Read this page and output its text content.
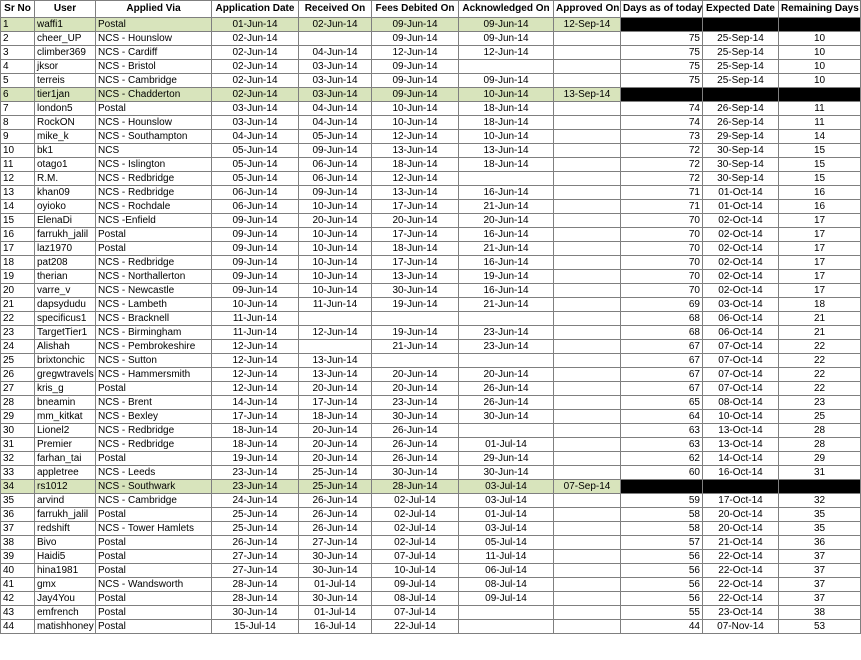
Sr No	User	Applied Via	Application Date	Received On	Fees Debited On	Acknowledged On	Approved On	Days as of today	Expected Date	Remaining Days
1	waffi1	Postal	01-Jun-14	02-Jun-14	09-Jun-14	09-Jun-14	12-Sep-14			
2	cheer_UP	NCS - Hounslow	02-Jun-14		09-Jun-14	09-Jun-14		75	25-Sep-14	10
3	climber369	NCS - Cardiff	02-Jun-14	04-Jun-14	12-Jun-14	12-Jun-14		75	25-Sep-14	10
4	jksor	NCS - Bristol	02-Jun-14	03-Jun-14	09-Jun-14			75	25-Sep-14	10
5	terreis	NCS - Cambridge	02-Jun-14	03-Jun-14	09-Jun-14	09-Jun-14		75	25-Sep-14	10
6	tier1jan	NCS - Chadderton	02-Jun-14	03-Jun-14	09-Jun-14	10-Jun-14	13-Sep-14			
7	london5	Postal	03-Jun-14	04-Jun-14	10-Jun-14	18-Jun-14		74	26-Sep-14	11
8	RockON	NCS - Hounslow	03-Jun-14	04-Jun-14	10-Jun-14	18-Jun-14		74	26-Sep-14	11
9	mike_k	NCS - Southampton	04-Jun-14	05-Jun-14	12-Jun-14	10-Jun-14		73	29-Sep-14	14
10	bk1	NCS	05-Jun-14	09-Jun-14	13-Jun-14	13-Jun-14		72	30-Sep-14	15
11	otago1	NCS - Islington	05-Jun-14	06-Jun-14	18-Jun-14	18-Jun-14		72	30-Sep-14	15
12	R.M.	NCS - Redbridge	05-Jun-14	06-Jun-14	12-Jun-14			72	30-Sep-14	15
13	khan09	NCS - Redbridge	06-Jun-14	09-Jun-14	13-Jun-14	16-Jun-14		71	01-Oct-14	16
14	oyioko	NCS - Rochdale	06-Jun-14	10-Jun-14	17-Jun-14	21-Jun-14		71	01-Oct-14	16
15	ElenaDi	NCS -Enfield	09-Jun-14	20-Jun-14	20-Jun-14	20-Jun-14		70	02-Oct-14	17
16	farrukh_jalil	Postal	09-Jun-14	10-Jun-14	17-Jun-14	16-Jun-14		70	02-Oct-14	17
17	laz1970	Postal	09-Jun-14	10-Jun-14	18-Jun-14	21-Jun-14		70	02-Oct-14	17
18	pat208	NCS - Redbridge	09-Jun-14	10-Jun-14	17-Jun-14	16-Jun-14		70	02-Oct-14	17
19	therian	NCS - Northallerton	09-Jun-14	10-Jun-14	13-Jun-14	19-Jun-14		70	02-Oct-14	17
20	varre_v	NCS - Newcastle	09-Jun-14	10-Jun-14	30-Jun-14	16-Jun-14		70	02-Oct-14	17
21	dapsydudu	NCS - Lambeth	10-Jun-14	11-Jun-14	19-Jun-14	21-Jun-14		69	03-Oct-14	18
22	specificus1	NCS - Bracknell	11-Jun-14					68	06-Oct-14	21
23	TargetTier1	NCS - Birmingham	11-Jun-14	12-Jun-14	19-Jun-14	23-Jun-14		68	06-Oct-14	21
24	Alishah	NCS - Pembrokeshire	12-Jun-14		21-Jun-14	23-Jun-14		67	07-Oct-14	22
25	brixtonchic	NCS - Sutton	12-Jun-14	13-Jun-14				67	07-Oct-14	22
26	gregwtravels	NCS - Hammersmith	12-Jun-14	13-Jun-14	20-Jun-14	20-Jun-14		67	07-Oct-14	22
27	kris_g	Postal	12-Jun-14	20-Jun-14	20-Jun-14	26-Jun-14		67	07-Oct-14	22
28	bneamin	NCS - Brent	14-Jun-14	17-Jun-14	23-Jun-14	26-Jun-14		65	08-Oct-14	23
29	mm_kitkat	NCS - Bexley	17-Jun-14	18-Jun-14	30-Jun-14	30-Jun-14		64	10-Oct-14	25
30	Lionel2	NCS - Redbridge	18-Jun-14	20-Jun-14	26-Jun-14			63	13-Oct-14	28
31	Premier	NCS - Redbridge	18-Jun-14	20-Jun-14	26-Jun-14	01-Jul-14		63	13-Oct-14	28
32	farhan_tai	Postal	19-Jun-14	20-Jun-14	26-Jun-14	29-Jun-14		62	14-Oct-14	29
33	appletree	NCS - Leeds	23-Jun-14	25-Jun-14	30-Jun-14	30-Jun-14		60	16-Oct-14	31
34	rs1012	NCS - Southwark	23-Jun-14	25-Jun-14	28-Jun-14	03-Jul-14	07-Sep-14			
35	arvind	NCS - Cambridge	24-Jun-14	26-Jun-14	02-Jul-14	03-Jul-14		59	17-Oct-14	32
36	farrukh_jalil	Postal	25-Jun-14	26-Jun-14	02-Jul-14	01-Jul-14		58	20-Oct-14	35
37	redshift	NCS - Tower Hamlets	25-Jun-14	26-Jun-14	02-Jul-14	03-Jul-14		58	20-Oct-14	35
38	Bivo	Postal	26-Jun-14	27-Jun-14	02-Jul-14	05-Jul-14		57	21-Oct-14	36
39	Haidi5	Postal	27-Jun-14	30-Jun-14	07-Jul-14	11-Jul-14		56	22-Oct-14	37
40	hina1981	Postal	27-Jun-14	30-Jun-14	10-Jul-14	06-Jul-14		56	22-Oct-14	37
41	gmx	NCS - Wandsworth	28-Jun-14	01-Jul-14	09-Jul-14	08-Jul-14		56	22-Oct-14	37
42	Jay4You	Postal	28-Jun-14	30-Jun-14	08-Jul-14	09-Jul-14		56	22-Oct-14	37
43	emfrench	Postal	30-Jun-14	01-Jul-14	07-Jul-14			55	23-Oct-14	38
44	matishhoney	Postal	15-Jul-14	16-Jul-14	22-Jul-14			44	07-Nov-14	53
